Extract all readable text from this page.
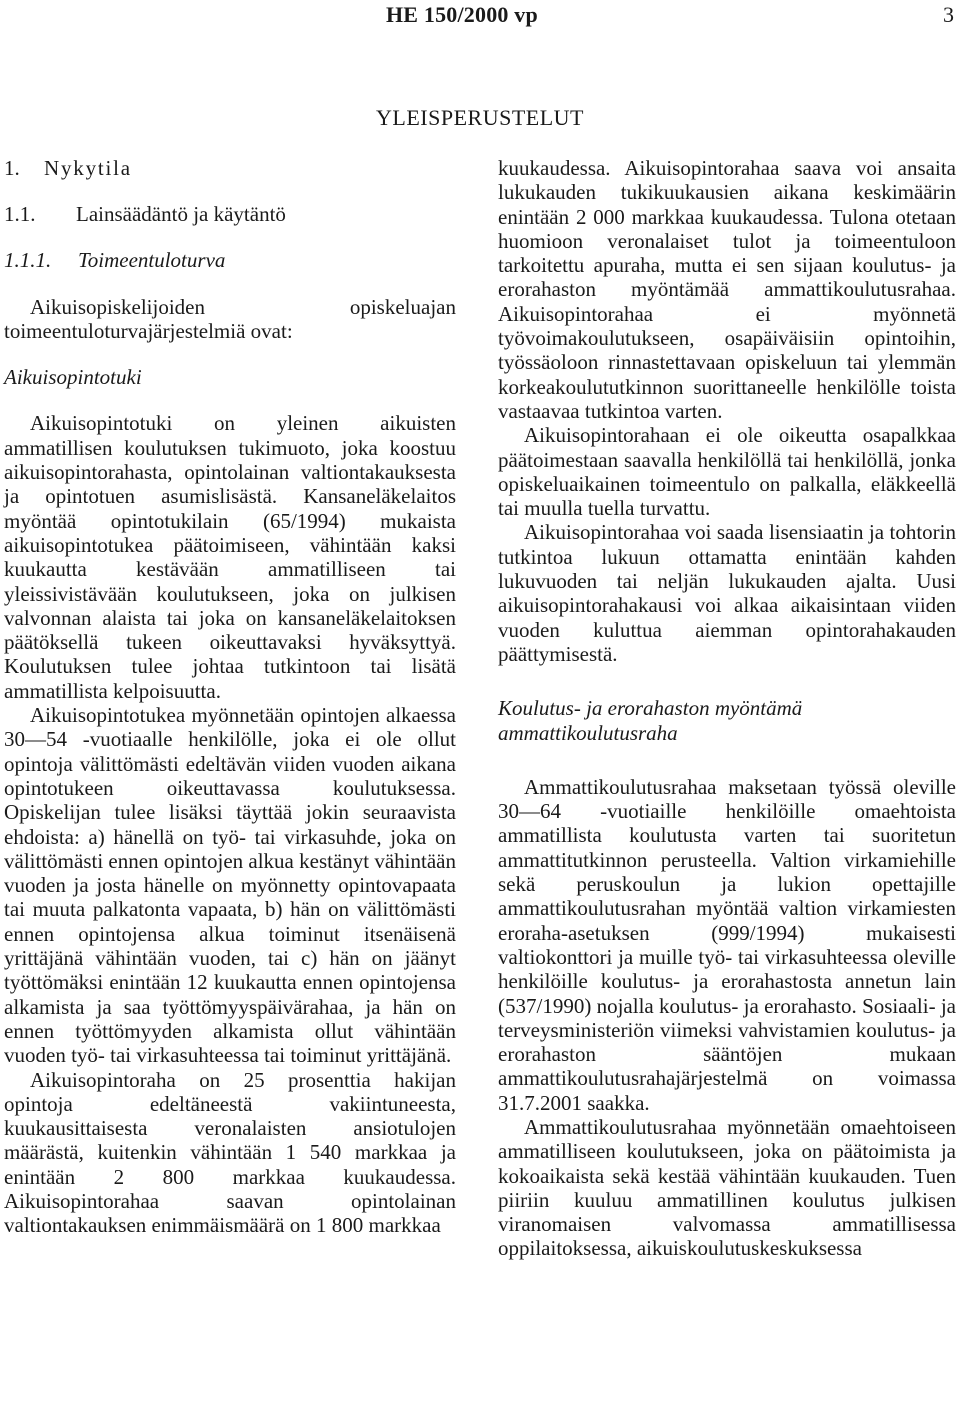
HE 150/2000 vp	3
YLEISPERUSTELUT
1. Nykytila
1.1. Lainsäädäntö ja käytäntö
1.1.1. Toimeentuloturva

Aikuisopiskelijoiden opiskeluajan toimeentuloturvajärjestelmiä ovat:

Aikuisopintotuki

Aikuisopintotuki on yleinen aikuisten ammatillisen koulutuksen tukimuoto, joka koostuu aikuisopintorahasta, opintolainan valtiontakauksesta ja opintotuen asumislisästä. Kansaneläkelaitos myöntää opintotukilain (65/1994) mukaista aikuisopintotukea päätoimiseen, vähintään kaksi kuukautta kestävään ammatilliseen tai yleissivistävään koulutukseen, joka on julkisen valvonnan alaista tai joka on kansaneläkelaitoksen päätöksellä tukeen oikeuttavaksi hyväksyttyä. Koulutuksen tulee johtaa tutkintoon tai lisätä ammatillista kelpoisuutta.

Aikuisopintotukea myönnetään opintojen alkaessa 30—54 -vuotiaalle henkilölle, joka ei ole ollut opintoja välittömästi edeltävän viiden vuoden aikana opintotukeen oikeuttavassa koulutuksessa. Opiskelijan tulee lisäksi täyttää jokin seuraavista ehdoista: a) hänellä on työ- tai virkasuhde, joka on välittömästi ennen opintojen alkua kestänyt vähintään vuoden ja josta hänelle on myönnetty opintovapaata tai muuta palkatonta vapaata, b) hän on välittömästi ennen opintojensa alkua toiminut itsenäisenä yrittäjänä vähintään vuoden, tai c) hän on jäänyt työttömäksi enintään 12 kuukautta ennen opintojensa alkamista ja saa työttömyyspäivärahaa, ja hän on ennen työttömyyden alkamista ollut vähintään vuoden työ- tai virkasuhteessa tai toiminut yrittäjänä.

Aikuisopintoraha on 25 prosenttia hakijan opintoja edeltäneestä vakiintuneesta, kuukausittaisesta veronalaisten ansiotulojen määrästä, kuitenkin vähintään 1 540 markkaa ja enintään 2 800 markkaa kuukaudessa. Aikuisopintorahaa saavan opintolainan valtiontakauksen enimmäismäärä on 1 800 markkaa

kuukaudessa. Aikuisopintorahaa saava voi ansaita lukukauden tukikuukausien aikana keskimäärin enintään 2 000 markkaa kuukaudessa. Tulona otetaan huomioon veronalaiset tulot ja toimeentuloon tarkoitettu apuraha, mutta ei sen sijaan koulutus- ja erorahaston myöntämää ammattikoulutusrahaa. Aikuisopintorahaa ei myönnetä työvoimakoulutukseen, osapäiväisiin opintoihin, työssäoloon rinnastettavaan opiskeluun tai ylemmän korkeakoulututkinnon suorittaneelle henkilölle toista vastaavaa tutkintoa varten.

Aikuisopintorahaan ei ole oikeutta osapalkkaa päätoimestaan saavalla henkilöllä tai henkilöllä, jonka opiskeluaikainen toimeentulo on palkalla, eläkkeellä tai muulla tuella turvattu.

Aikuisopintorahaa voi saada lisensiaatin ja tohtorin tutkintoa lukuun ottamatta enintään kahden lukuvuoden tai neljän lukukauden ajalta. Uusi aikuisopintorahakausi voi alkaa aikaisintaan viiden vuoden kuluttua aiemman opintorahakauden päättymisestä.

Koulutus- ja erorahaston myöntämä ammattikoulutusraha

Ammattikoulutusrahaa maksetaan työssä oleville 30—64 -vuotiaille henkilöille omaehtoista ammatillista koulutusta varten tai suoritetun ammattitutkinnon perusteella. Valtion virkamiehille sekä peruskoulun ja lukion opettajille ammattikoulutusrahan myöntää valtion virkamiesten eroraha-asetuksen (999/1994) mukaisesti valtiokonttori ja muille työ- tai virkasuhteessa oleville henkilöille koulutus- ja erorahastosta annetun lain (537/1990) nojalla koulutus- ja erorahasto. Sosiaali- ja terveysministeriön viimeksi vahvistamien koulutus- ja erorahaston sääntöjen mukaan ammattikoulutusrahajärjestelmä on voimassa 31.7.2001 saakka.

Ammattikoulutusrahaa myönnetään omaehtoiseen ammatilliseen koulutukseen, joka on päätoimista ja kokoaikaista sekä kestää vähintään kuukauden. Tuen piiriin kuuluu ammatillinen koulutus julkisen viranomaisen valvomassa ammatillisessa oppilaitoksessa, aikuiskoulutuskeskuksessa
